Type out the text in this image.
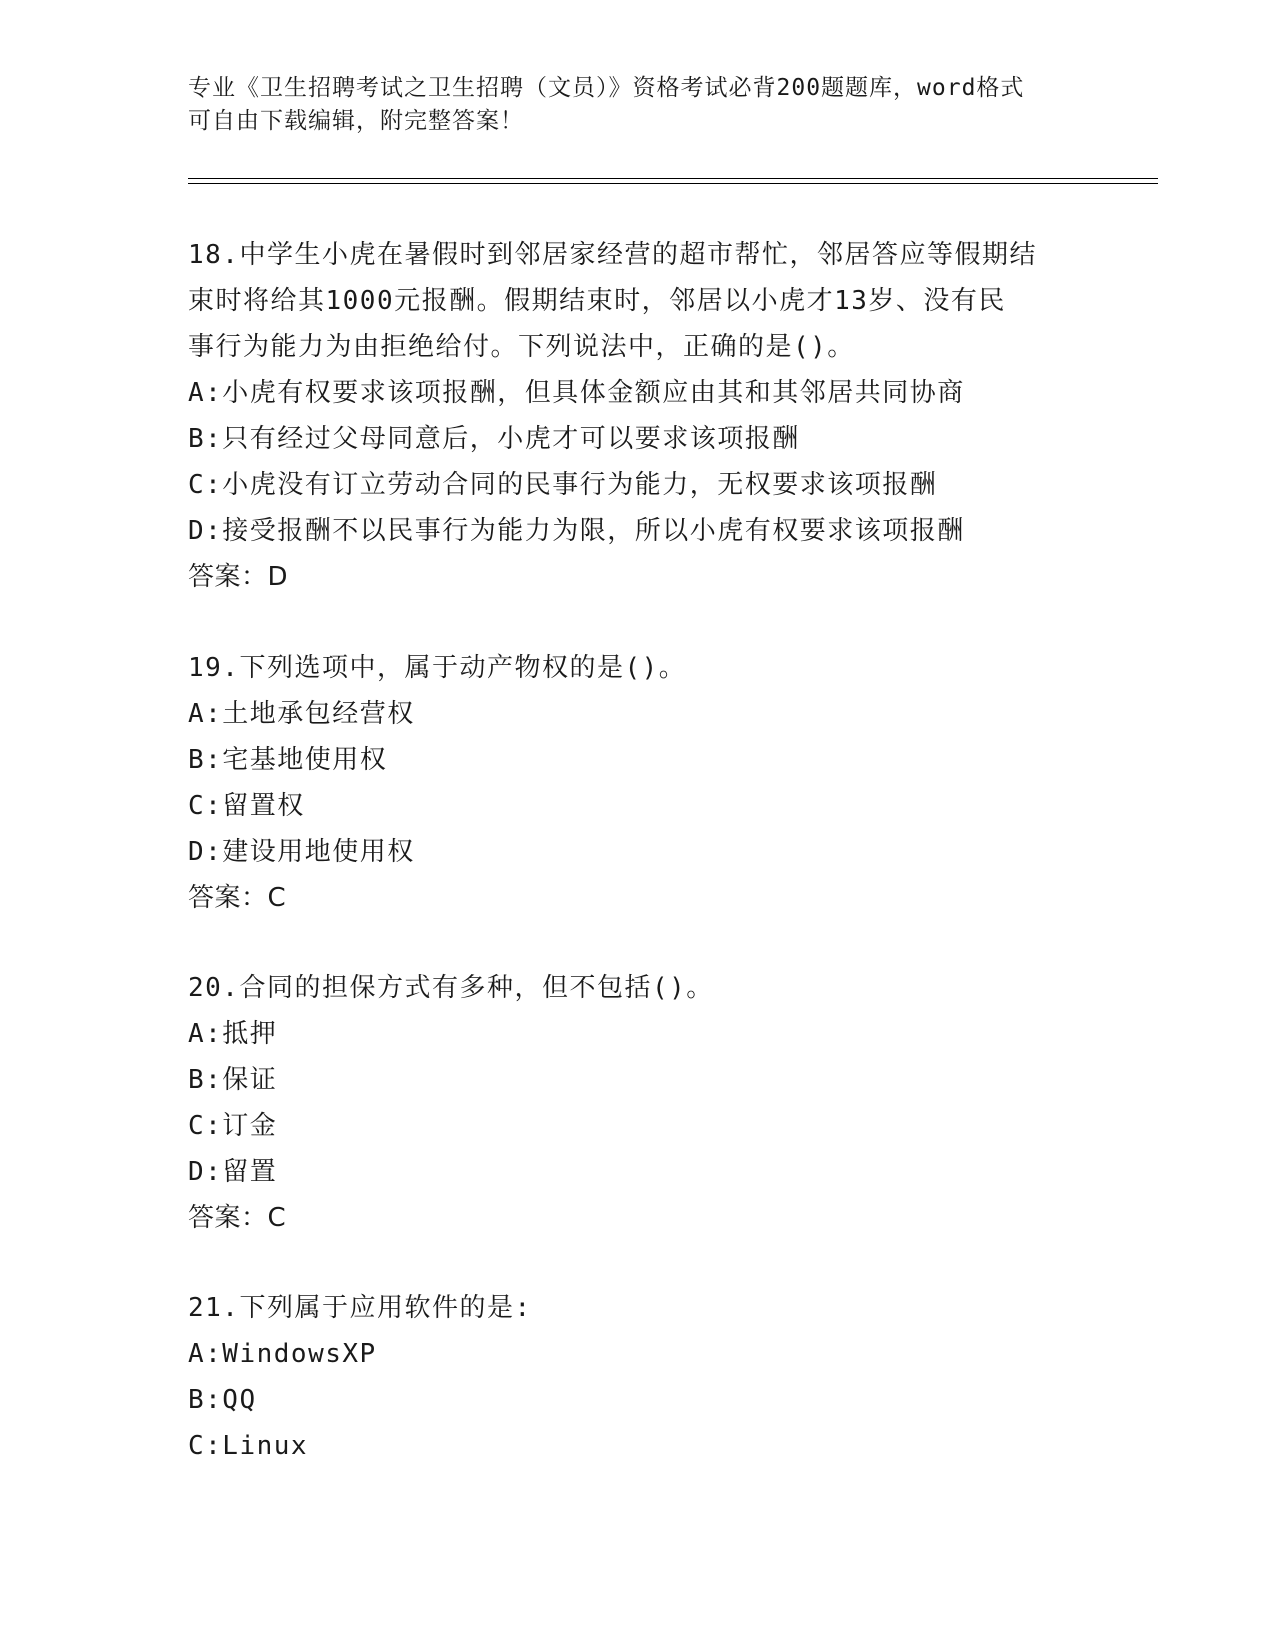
专业《卫生招聘考试之卫生招聘（文员）》资格考试必背200题题库，word格式
可自由下载编辑，附完整答案！
18.中学生小虎在暑假时到邻居家经营的超市帮忙，邻居答应等假期结
束时将给其1000元报酬。假期结束时，邻居以小虎才13岁、没有民
事行为能力为由拒绝给付。下列说法中，正确的是()。
A:小虎有权要求该项报酬，但具体金额应由其和其邻居共同协商
B:只有经过父母同意后，小虎才可以要求该项报酬
C:小虎没有订立劳动合同的民事行为能力，无权要求该项报酬
D:接受报酬不以民事行为能力为限，所以小虎有权要求该项报酬
答案：D
19.下列选项中，属于动产物权的是()。
A:土地承包经营权
B:宅基地使用权
C:留置权
D:建设用地使用权
答案：C
20.合同的担保方式有多种，但不包括()。
A:抵押
B:保证
C:订金
D:留置
答案：C
21.下列属于应用软件的是:
A:WindowsXP
B:QQ
C:Linux
